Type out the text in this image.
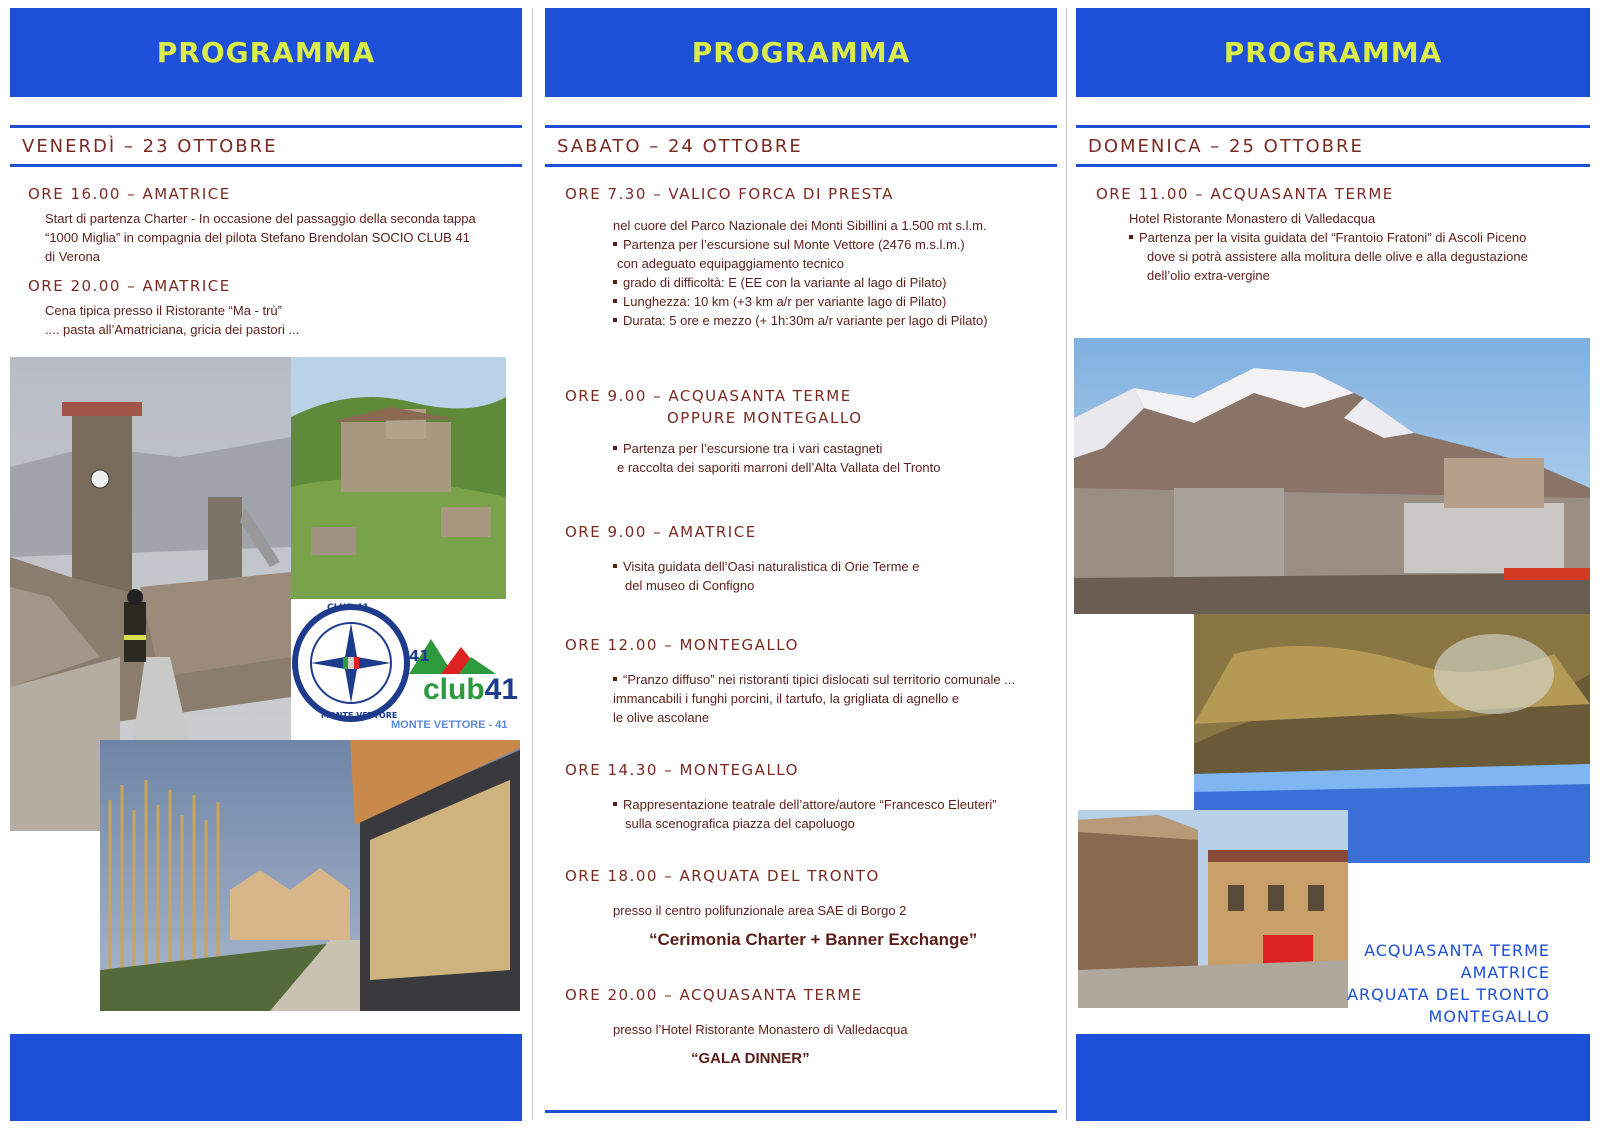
PROGRAMMA
VENERDÌ – 23 OTTOBRE
ORE 16.00 – AMATRICE
Start di partenza Charter - In occasione del passaggio della seconda tappa
“1000 Miglia” in compagnia del pilota Stefano Brendolan SOCIO CLUB 41
di Verona
ORE 20.00 – AMATRICE
Cena tipica presso il Ristorante “Ma - trù”
.... pasta all’Amatriciana, gricia dei pastori ...
CLUB 41
MONTE VETTORE
41
club41
MONTE VETTORE - 41
PROGRAMMA
SABATO – 24 OTTOBRE
ORE 7.30 – VALICO FORCA DI PRESTA
nel cuore del Parco Nazionale dei Monti Sibillini a 1.500 mt s.l.m.
Partenza per l’escursione sul Monte Vettore (2476 m.s.l.m.)
con adeguato equipaggiamento tecnico
grado di difficoltà: E (EE con la variante al lago di Pilato)
Lunghezza: 10 km (+3 km a/r per variante lago di Pilato)
Durata: 5 ore e mezzo (+ 1h:30m a/r variante per lago di Pilato)
ORE 9.00 – ACQUASANTA TERME
OPPURE MONTEGALLO
Partenza per l’escursione tra i vari castagneti
e raccolta dei saporiti marroni dell’Alta Vallata del Tronto
ORE 9.00 – AMATRICE
Visita guidata dell’Oasi naturalistica di Orie Terme e
del museo di Configno
ORE 12.00 – MONTEGALLO
“Pranzo diffuso” nei ristoranti tipici dislocati sul territorio comunale ...
immancabili i funghi porcini, il tartufo, la grigliata di agnello e
le olive ascolane
ORE 14.30 – MONTEGALLO
Rappresentazione teatrale dell’attore/autore “Francesco Eleuteri”
sulla scenografica piazza del capoluogo
ORE 18.00 – ARQUATA DEL TRONTO
presso il centro polifunzionale area SAE di Borgo 2
“Cerimonia Charter + Banner Exchange”
ORE 20.00 – ACQUASANTA TERME
presso l’Hotel Ristorante Monastero di Valledacqua
“GALA DINNER”
PROGRAMMA
DOMENICA – 25 OTTOBRE
ORE 11.00 – ACQUASANTA TERME
Hotel Ristorante Monastero di Valledacqua
Partenza per la visita guidata del “Frantoio Fratoni” di Ascoli Piceno
dove si potrà assistere alla molitura delle olive e alla degustazione
dell’olio extra-vergine
ACQUASANTA TERME
AMATRICE
ARQUATA DEL TRONTO
MONTEGALLO
